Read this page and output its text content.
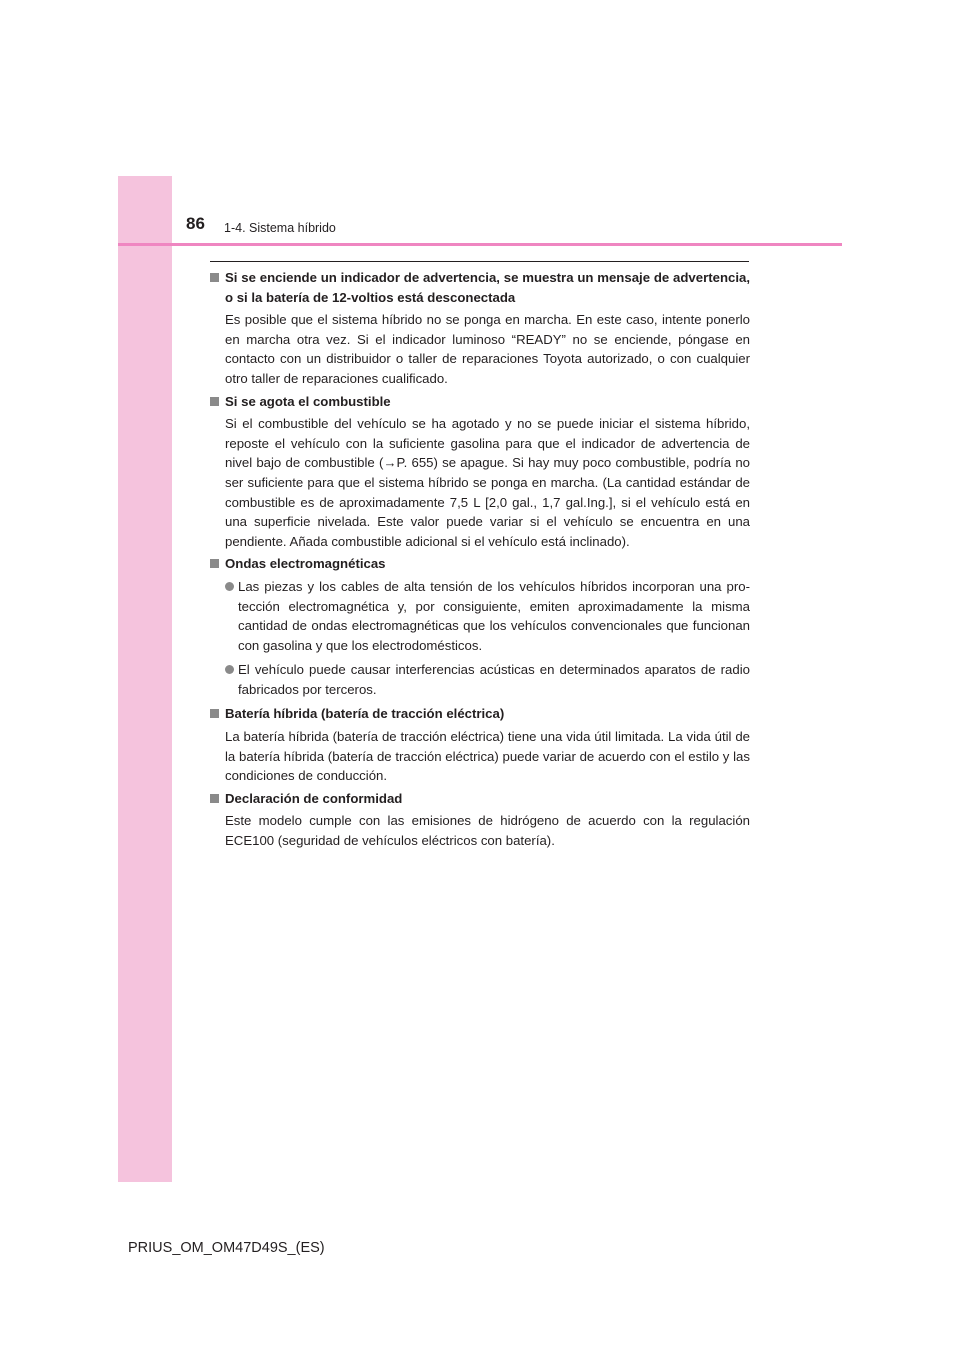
86 1-4. Sistema híbrido
Si se enciende un indicador de advertencia, se muestra un mensaje de advertencia, o si la batería de 12-voltios está desconectada
Es posible que el sistema híbrido no se ponga en marcha. En este caso, intente ponerlo en marcha otra vez. Si el indicador luminoso “READY” no se enciende, póngase en contacto con un distribuidor o taller de reparaciones Toyota autorizado, o con cualquier otro taller de reparaciones cualificado.
Si se agota el combustible
Si el combustible del vehículo se ha agotado y no se puede iniciar el sistema híbrido, reposte el vehículo con la suficiente gasolina para que el indicador de advertencia de nivel bajo de combustible (→P. 655) se apague. Si hay muy poco combustible, podría no ser suficiente para que el sistema híbrido se ponga en marcha. (La cantidad estándar de combustible es de aproximadamente 7,5 L [2,0 gal., 1,7 gal.Ing.], si el vehículo está en una superficie nivelada. Este valor puede variar si el vehículo se encuentra en una pendiente. Añada combustible adicional si el vehículo está inclinado).
Ondas electromagnéticas
Las piezas y los cables de alta tensión de los vehículos híbridos incorporan una protección electromagnética y, por consiguiente, emiten aproximadamente la misma cantidad de ondas electromagnéticas que los vehículos convencionales que funcionan con gasolina y que los electrodomésticos.
El vehículo puede causar interferencias acústicas en determinados aparatos de radio fabricados por terceros.
Batería híbrida (batería de tracción eléctrica)
La batería híbrida (batería de tracción eléctrica) tiene una vida útil limitada. La vida útil de la batería híbrida (batería de tracción eléctrica) puede variar de acuerdo con el estilo y las condiciones de conducción.
Declaración de conformidad
Este modelo cumple con las emisiones de hidrógeno de acuerdo con la regulación ECE100 (seguridad de vehículos eléctricos con batería).
PRIUS_OM_OM47D49S_(ES)
